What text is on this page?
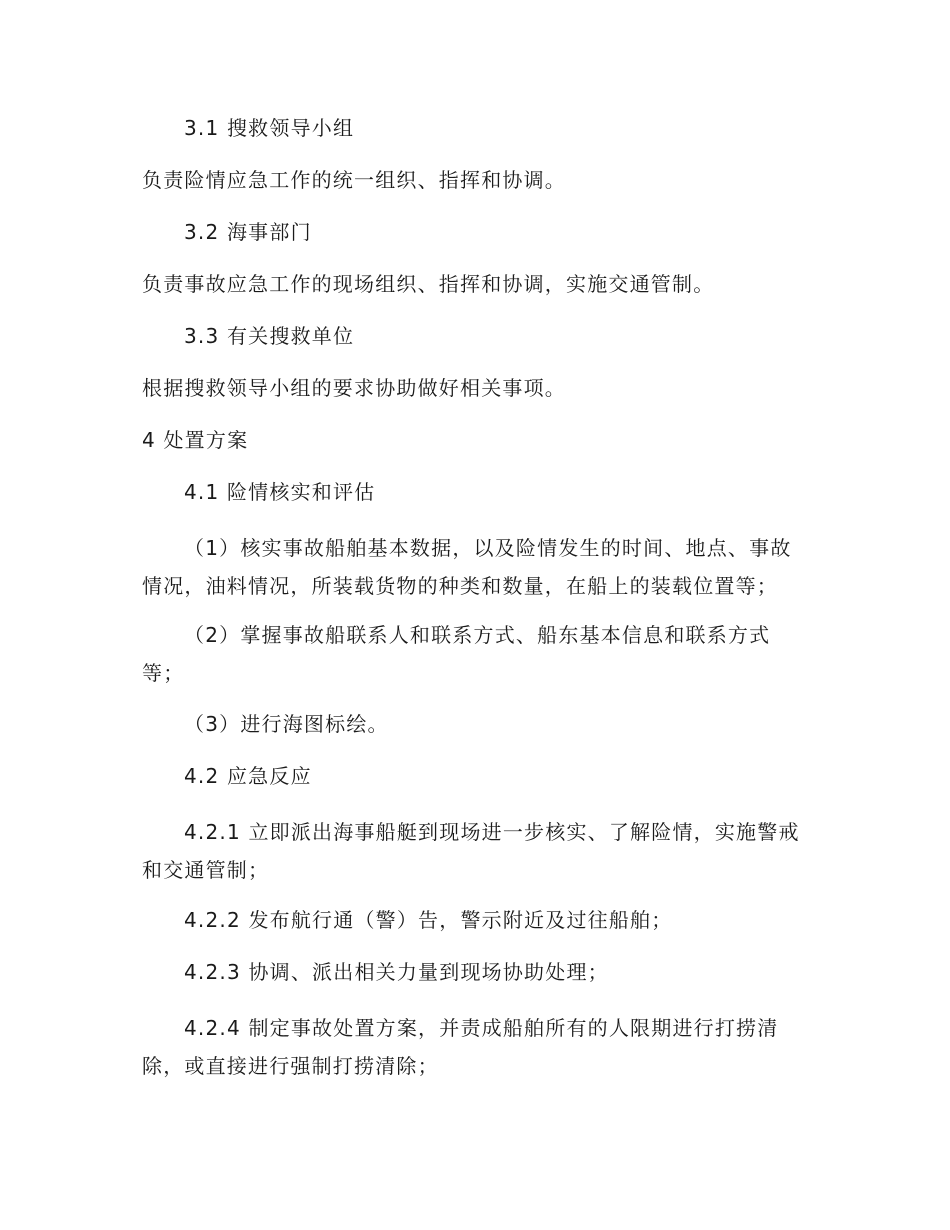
3.1 搜救领导小组

负责险情应急工作的统一组织、指挥和协调。

3.2 海事部门

负责事故应急工作的现场组织、指挥和协调，实施交通管制。

3.3 有关搜救单位

根据搜救领导小组的要求协助做好相关事项。

4 处置方案

4.1 险情核实和评估

（1）核实事故船舶基本数据，以及险情发生的时间、地点、事故情况，油料情况，所装载货物的种类和数量，在船上的装载位置等；

（2）掌握事故船联系人和联系方式、船东基本信息和联系方式等；

（3）进行海图标绘。

4.2 应急反应

4.2.1 立即派出海事船艇到现场进一步核实、了解险情，实施警戒和交通管制；

4.2.2 发布航行通（警）告，警示附近及过往船舶；

4.2.3 协调、派出相关力量到现场协助处理；

4.2.4 制定事故处置方案，并责成船舶所有的人限期进行打捞清除，或直接进行强制打捞清除；
